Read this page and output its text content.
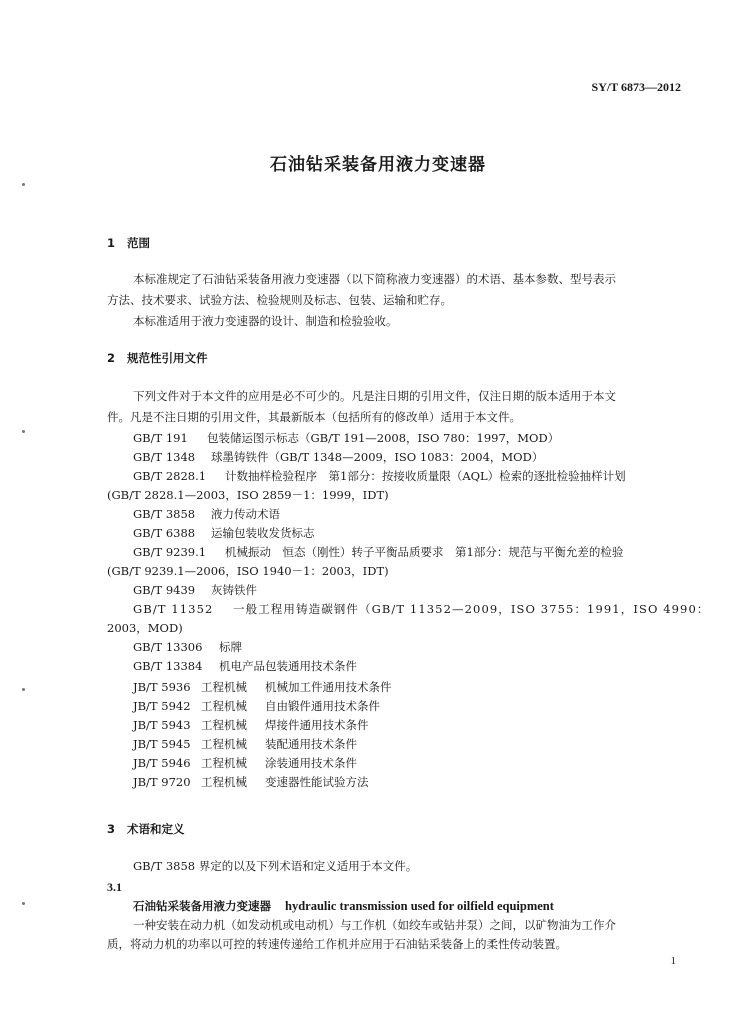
SY/T 6873—2012
石油钻采装备用液力变速器
1 范围
本标准规定了石油钻采装备用液力变速器（以下简称液力变速器）的术语、基本参数、型号表示
方法、技术要求、试验方法、检验规则及标志、包装、运输和贮存。
本标准适用于液力变速器的设计、制造和检验验收。
2 规范性引用文件
下列文件对于本文件的应用是必不可少的。凡是注日期的引用文件，仅注日期的版本适用于本文
件。凡是不注日期的引用文件，其最新版本（包括所有的修改单）适用于本文件。
GB/T 191 包装储运图示标志（GB/T 191—2008，ISO 780：1997，MOD）
GB/T 1348 球墨铸铁件（GB/T 1348—2009，ISO 1083：2004，MOD）
GB/T 2828.1 计数抽样检验程序　第1部分：按接收质量限（AQL）检索的逐批检验抽样计划
(GB/T 2828.1—2003，ISO 2859－1：1999，IDT)
GB/T 3858 液力传动术语
GB/T 6388 运输包装收发货标志
GB/T 9239.1 机械振动　恒态（刚性）转子平衡品质要求　第1部分：规范与平衡允差的检验
(GB/T 9239.1—2006，ISO 1940－1：2003，IDT)
GB/T 9439 灰铸铁件
GB/T 11352 一般工程用铸造碳钢件（GB/T 11352—2009，ISO 3755：1991，ISO 4990：
2003，MOD)
GB/T 13306 标牌
GB/T 13384 机电产品包装通用技术条件
JB/T 5936 工程机械 机械加工件通用技术条件
JB/T 5942 工程机械 自由锻件通用技术条件
JB/T 5943 工程机械 焊接件通用技术条件
JB/T 5945 工程机械 装配通用技术条件
JB/T 5946 工程机械 涂装通用技术条件
JB/T 9720 工程机械 变速器性能试验方法
3 术语和定义
GB/T 3858 界定的以及下列术语和定义适用于本文件。
3.1
石油钻采装备用液力变速器 hydraulic transmission used for oilfield equipment
一种安装在动力机（如发动机或电动机）与工作机（如绞车或钻井泵）之间，以矿物油为工作介
质，将动力机的功率以可控的转速传递给工作机并应用于石油钻采装备上的柔性传动装置。
1
